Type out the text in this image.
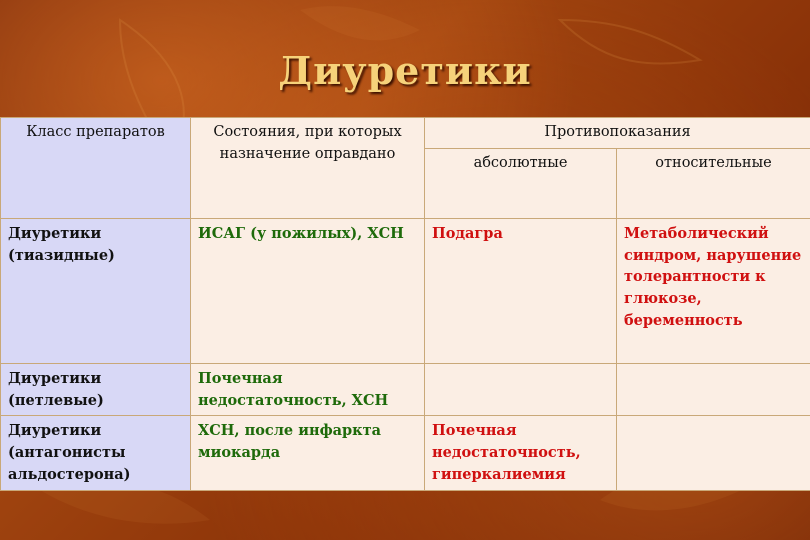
Диуретики
Класс препаратов	Состояния, при которых назначение оправдано	Противопоказания	
		абсолютные	относительные
Диуретики (тиазидные)	ИСАГ (у пожилых), ХСН	Подагра	Метаболический синдром, нарушение толерантности к глюкозе, беременность
Диуретики (петлевые)	Почечная недостаточность, ХСН		
Диуретики (антагонисты альдостерона)	ХСН, после инфаркта миокарда	Почечная недостаточность, гиперкалиемия	
